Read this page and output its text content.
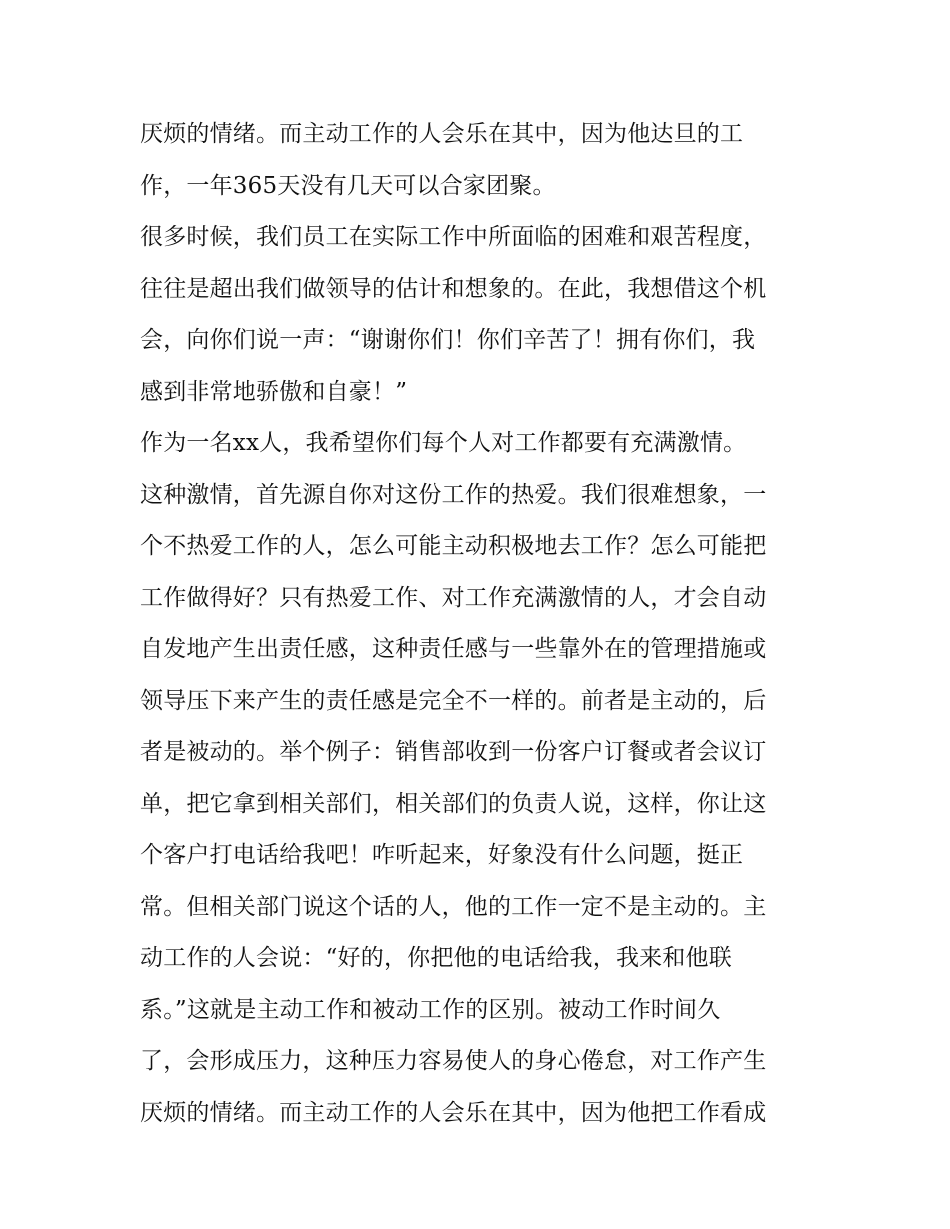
厌烦的情绪。而主动工作的人会乐在其中，因为他达旦的工
作，一年365天没有几天可以合家团聚。
很多时候，我们员工在实际工作中所面临的困难和艰苦程度，
往往是超出我们做领导的估计和想象的。在此，我想借这个机
会，向你们说一声：“谢谢你们！你们辛苦了！拥有你们，我
感到非常地骄傲和自豪！”
作为一名xx人，我希望你们每个人对工作都要有充满激情。
这种激情，首先源自你对这份工作的热爱。我们很难想象，一
个不热爱工作的人，怎么可能主动积极地去工作？怎么可能把
工作做得好？只有热爱工作、对工作充满激情的人，才会自动
自发地产生出责任感，这种责任感与一些靠外在的管理措施或
领导压下来产生的责任感是完全不一样的。前者是主动的，后
者是被动的。举个例子：销售部收到一份客户订餐或者会议订
单，把它拿到相关部们，相关部们的负责人说，这样，你让这
个客户打电话给我吧！咋听起来，好象没有什么问题，挺正
常。但相关部门说这个话的人，他的工作一定不是主动的。主
动工作的人会说：“好的，你把他的电话给我，我来和他联
系。”这就是主动工作和被动工作的区别。被动工作时间久
了，会形成压力，这种压力容易使人的身心倦怠，对工作产生
厌烦的情绪。而主动工作的人会乐在其中，因为他把工作看成
